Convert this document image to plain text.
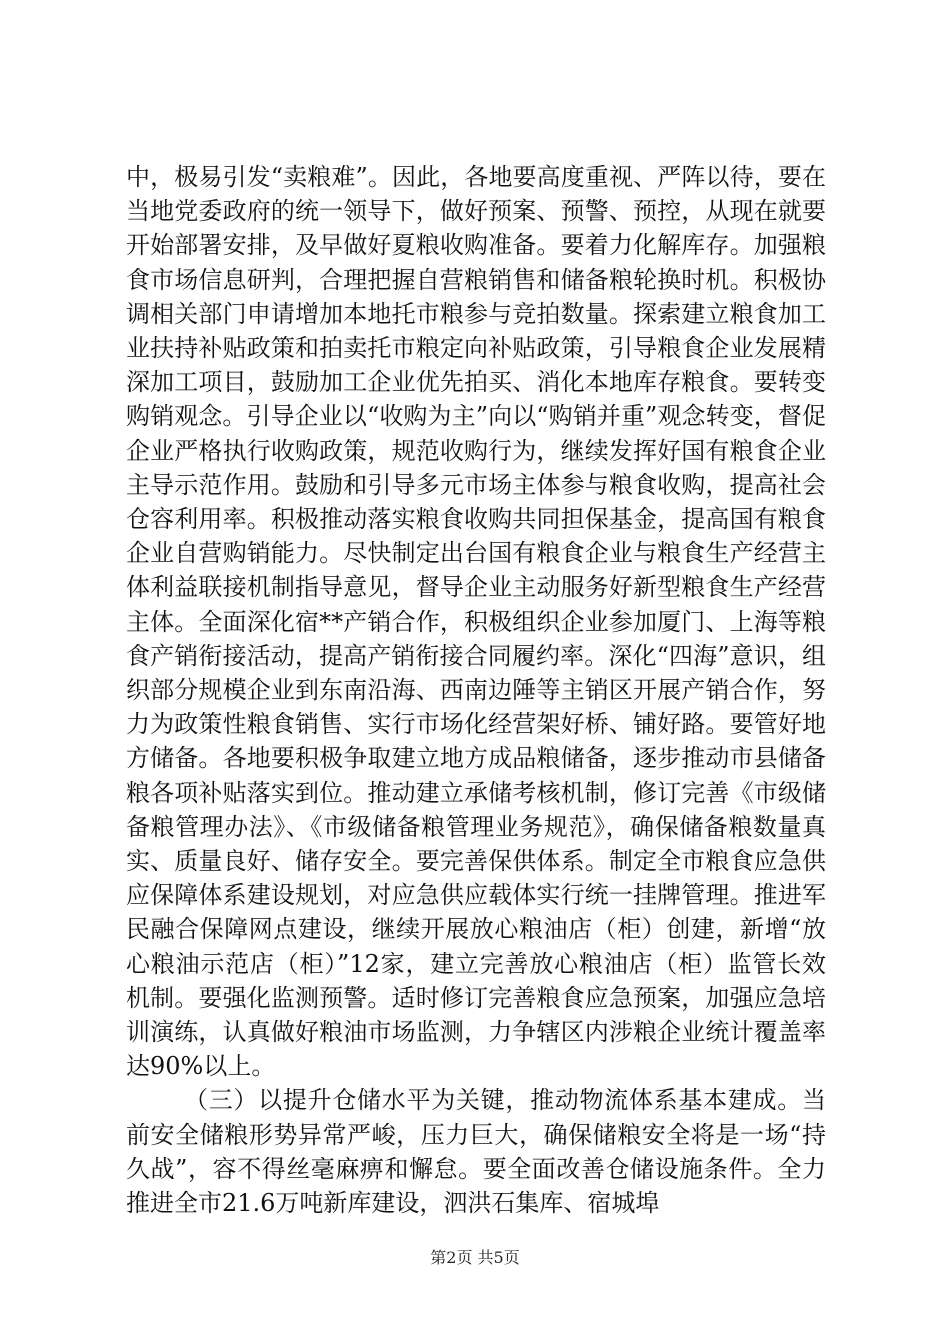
中，极易引发“卖粮难”。因此，各地要高度重视、严阵以待，要在当地党委政府的统一领导下，做好预案、预警、预控，从现在就要开始部署安排，及早做好夏粮收购准备。要着力化解库存。加强粮食市场信息研判，合理把握自营粮销售和储备粮轮换时机。积极协调相关部门申请增加本地托市粮参与竞拍数量。探索建立粮食加工业扶持补贴政策和拍卖托市粮定向补贴政策，引导粮食企业发展精深加工项目，鼓励加工企业优先拍买、消化本地库存粮食。要转变购销观念。引导企业以“收购为主”向以“购销并重”观念转变，督促企业严格执行收购政策，规范收购行为，继续发挥好国有粮食企业主导示范作用。鼓励和引导多元市场主体参与粮食收购，提高社会仓容利用率。积极推动落实粮食收购共同担保基金，提高国有粮食企业自营购销能力。尽快制定出台国有粮食企业与粮食生产经营主体利益联接机制指导意见，督导企业主动服务好新型粮食生产经营主体。全面深化宿**产销合作，积极组织企业参加厦门、上海等粮食产销衔接活动，提高产销衔接合同履约率。深化“四海”意识，组织部分规模企业到东南沿海、西南边陲等主销区开展产销合作，努力为政策性粮食销售、实行市场化经营架好桥、铺好路。要管好地方储备。各地要积极争取建立地方成品粮储备，逐步推动市县储备粮各项补贴落实到位。推动建立承储考核机制，修订完善《市级储备粮管理办法》、《市级储备粮管理业务规范》，确保储备粮数量真实、质量良好、储存安全。要完善保供体系。制定全市粮食应急供应保障体系建设规划，对应急供应载体实行统一挂牌管理。推进军民融合保障网点建设，继续开展放心粮油店（柜）创建，新增“放心粮油示范店（柜）”12家，建立完善放心粮油店（柜）监管长效机制。要强化监测预警。适时修订完善粮食应急预案，加强应急培训演练，认真做好粮油市场监测，力争辖区内涉粮企业统计覆盖率达90%以上。

（三）以提升仓储水平为关键，推动物流体系基本建成。当前安全储粮形势异常严峻，压力巨大，确保储粮安全将是一场“持久战”，容不得丝毫麻痹和懈怠。要全面改善仓储设施条件。全力推进全市21.6万吨新库建设，泗洪石集库、宿城埠

第2页 共5页
